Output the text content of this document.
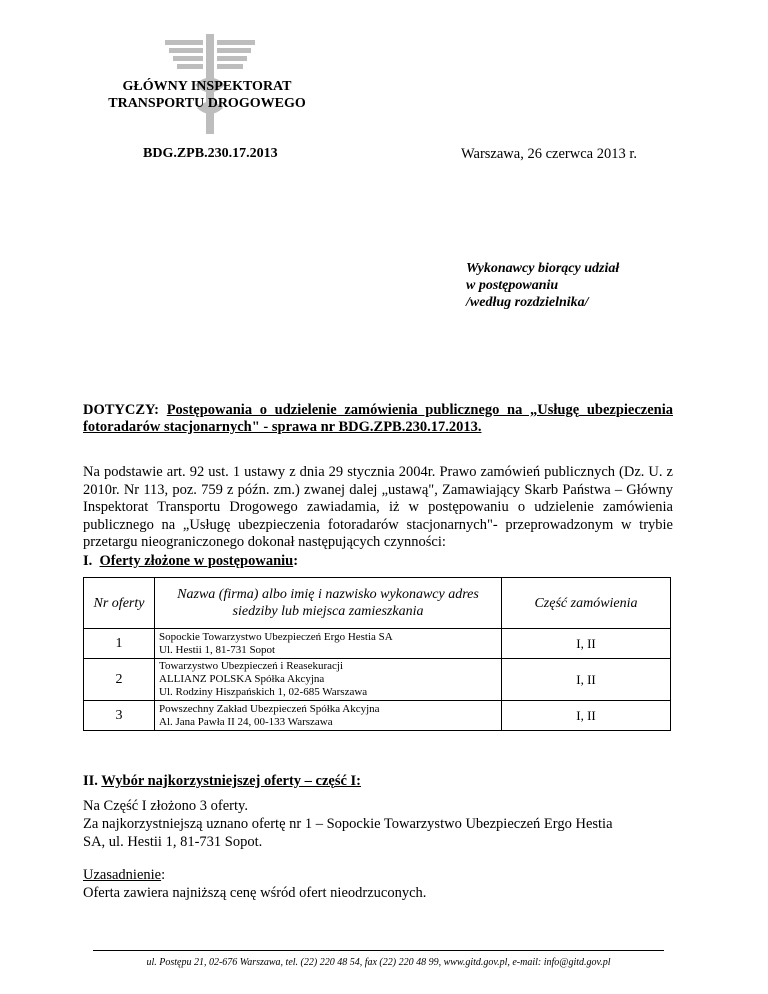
GŁÓWNY INSPEKTORAT
TRANSPORTU DROGOWEGO
BDG.ZPB.230.17.2013	Warszawa, 26 czerwca 2013 r.
Wykonawcy biorący udział
w postępowaniu
/według rozdzielnika/
DOTYCZY: Postępowania o udzielenie zamówienia publicznego na „Usługę ubezpieczenia fotoradarów stacjonarnych" - sprawa nr BDG.ZPB.230.17.2013.
Na podstawie art. 92 ust. 1 ustawy z dnia 29 stycznia 2004r. Prawo zamówień publicznych (Dz. U. z 2010r. Nr 113, poz. 759 z późn. zm.) zwanej dalej „ustawą", Zamawiający Skarb Państwa – Główny Inspektorat Transportu Drogowego zawiadamia, iż w postępowaniu o udzielenie zamówienia publicznego na „Usługę ubezpieczenia fotoradarów stacjonarnych"- przeprowadzonym w trybie przetargu nieograniczonego dokonał następujących czynności:
I. Oferty złożone w postępowaniu:
Nr oferty	Nazwa (firma) albo imię i nazwisko wykonawcy adres siedziby lub miejsca zamieszkania	Część zamówienia
1	Sopockie Towarzystwo Ubezpieczeń Ergo Hestia SA
Ul. Hestii 1, 81-731 Sopot	I, II
2	Towarzystwo Ubezpieczeń i Reasekuracji
ALLIANZ POLSKA Spółka Akcyjna
Ul. Rodziny Hiszpańskich 1, 02-685 Warszawa	I, II
3	Powszechny Zakład Ubezpieczeń Spółka Akcyjna
Al. Jana Pawła II 24, 00-133 Warszawa	I, II
II. Wybór najkorzystniejszej oferty – część I:
Na Część I złożono 3 oferty.
Za najkorzystniejszą uznano ofertę nr 1 – Sopockie Towarzystwo Ubezpieczeń Ergo Hestia
SA, ul. Hestii 1, 81-731 Sopot.
Uzasadnienie:
Oferta zawiera najniższą cenę wśród ofert nieodrzuconych.
ul. Postępu 21, 02-676 Warszawa, tel. (22) 220 48 54, fax (22) 220 48 99, www.gitd.gov.pl, e-mail: info@gitd.gov.pl
